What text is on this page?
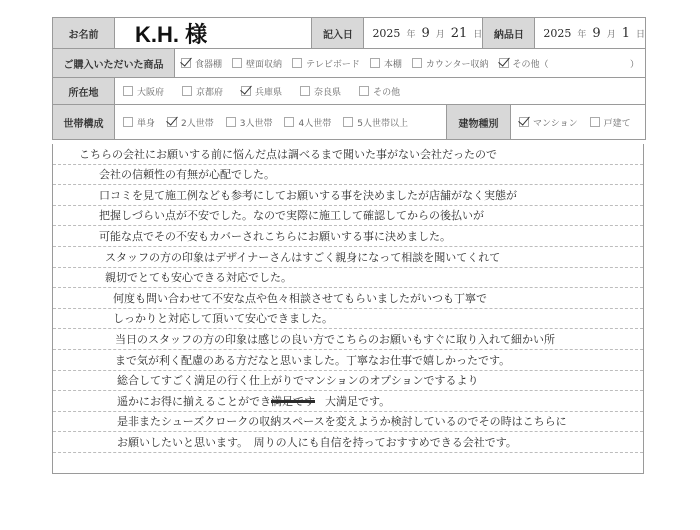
お名前	K.H. 様	記入日	2025 年 9 月 21 日	納品日	2025 年 9 月 1 日
ご購入いただいた商品	食器棚	壁面収納	テレビボード	本棚	カウンター収納	その他（	）
所在地	大阪府	京都府	兵庫県	奈良県	その他
世帯構成	単身	2人世帯	3人世帯	4人世帯	5人世帯以上	建物種別	マンション	戸建て
こちらの会社にお願いする前に悩んだ点は調べるまで聞いた事がない会社だったので
会社の信頼性の有無が心配でした。
口コミを見て施工例なども参考にしてお願いする事を決めましたが店舗がなく実態が
把握しづらい点が不安でした。なので実際に施工して確認してからの後払いが
可能な点でその不安もカバーされこちらにお願いする事に決めました。
スタッフの方の印象はデザイナーさんはすごく親身になって相談を聞いてくれて
親切でとても安心できる対応でした。
何度も問い合わせて不安な点や色々相談させてもらいましたがいつも丁寧で
しっかりと対応して頂いて安心できました。
当日のスタッフの方の印象は感じの良い方でこちらのお願いもすぐに取り入れて細かい所
まで気が利く配慮のある方だなと思いました。丁寧なお仕事で嬉しかったです。
総合してすごく満足の行く仕上がりでマンションのオプションでするより
遥かにお得に揃えることができ 満足です 大満足です。
是非またシューズクロークの収納スペースを変えようか検討しているのでその時はこちらに
お願いしたいと思います。　周りの人にも自信を持っておすすめできる会社です。
